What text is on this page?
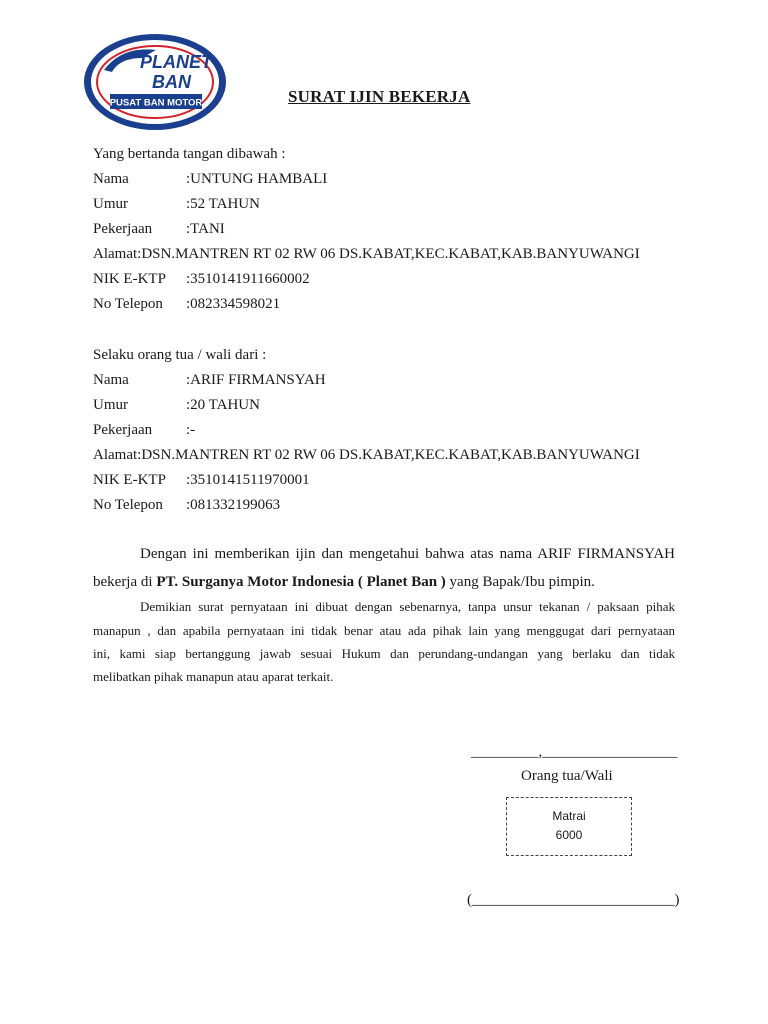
PLANET
BAN
PUSAT BAN MOTOR	SURAT IJIN BEKERJA
Yang bertanda tangan dibawah :
Nama	:UNTUNG HAMBALI
Umur	:52 TAHUN
Pekerjaan :TANI
Alamat:DSN.MANTREN RT 02 RW 06 DS.KABAT,KEC.KABAT,KAB.BANYUWANGI
NIK E-KTP :3510141911660002
No Telepon :082334598021
Selaku orang tua / wali dari :
Nama	:ARIF FIRMANSYAH
Umur	:20 TAHUN
Pekerjaan :-
Alamat:DSN.MANTREN RT 02 RW 06 DS.KABAT,KEC.KABAT,KAB.BANYUWANGI
NIK E-KTP :3510141511970001
No Telepon :081332199063
Dengan ini memberikan ijin dan mengetahui bahwa atas nama ARIF FIRMANSYAH
bekerja di PT. Surganya Motor Indonesia ( Planet Ban ) yang Bapak/Ibu pimpin.
Demikian surat pernyataan ini dibuat dengan sebenarnya, tanpa unsur tekanan / paksaan pihak
manapun , dan apabila pernyataan ini tidak benar atau ada pihak lain yang menggugat dari pernyataan
ini, kami siap bertanggung jawab sesuai Hukum dan perundang-undangan yang berlaku dan tidak
melibatkan pihak manapun atau aparat terkait.
_________,__________________
Orang tua/Wali
Matrai
6000
(___________________________)
